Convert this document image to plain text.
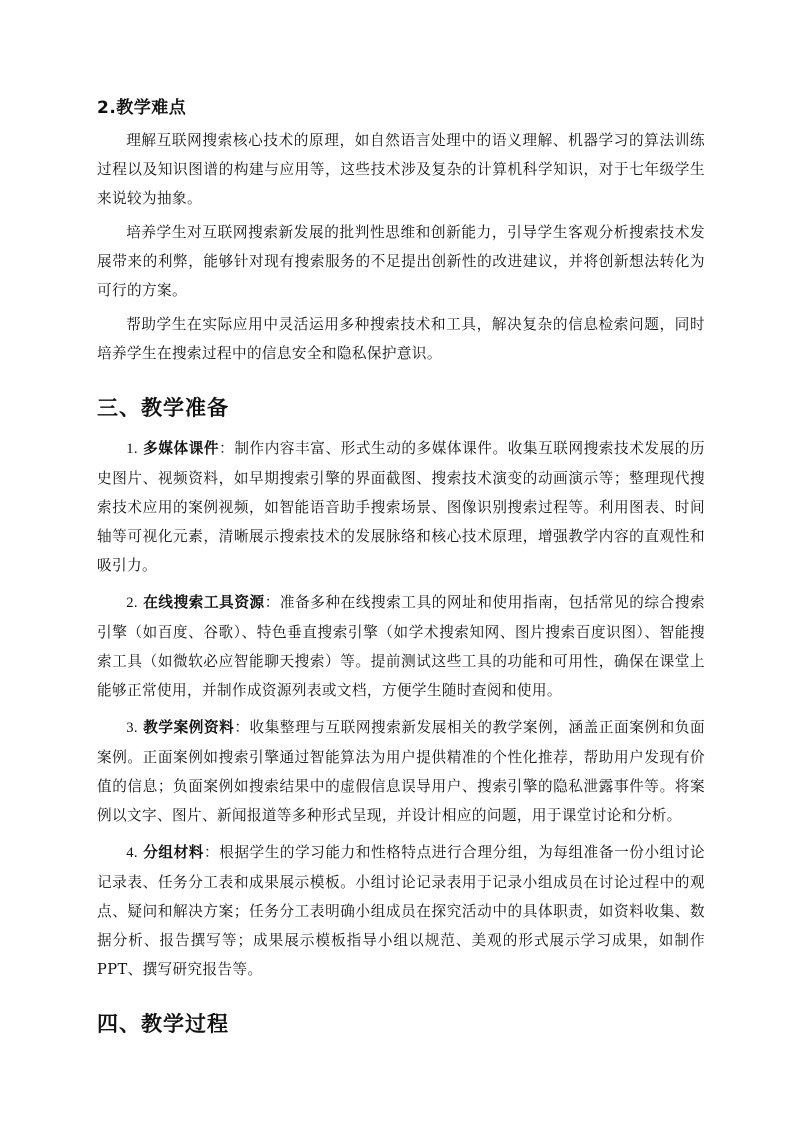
2.教学难点

理解互联网搜索核心技术的原理，如自然语言处理中的语义理解、机器学习的算法训练过程以及知识图谱的构建与应用等，这些技术涉及复杂的计算机科学知识，对于七年级学生来说较为抽象。

培养学生对互联网搜索新发展的批判性思维和创新能力，引导学生客观分析搜索技术发展带来的利弊，能够针对现有搜索服务的不足提出创新性的改进建议，并将创新想法转化为可行的方案。

帮助学生在实际应用中灵活运用多种搜索技术和工具，解决复杂的信息检索问题，同时培养学生在搜索过程中的信息安全和隐私保护意识。

三、教学准备

1. 多媒体课件：制作内容丰富、形式生动的多媒体课件。收集互联网搜索技术发展的历史图片、视频资料，如早期搜索引擎的界面截图、搜索技术演变的动画演示等；整理现代搜索技术应用的案例视频，如智能语音助手搜索场景、图像识别搜索过程等。利用图表、时间轴等可视化元素，清晰展示搜索技术的发展脉络和核心技术原理，增强教学内容的直观性和吸引力。

2. 在线搜索工具资源：准备多种在线搜索工具的网址和使用指南，包括常见的综合搜索引擎（如百度、谷歌）、特色垂直搜索引擎（如学术搜索知网、图片搜索百度识图）、智能搜索工具（如微软必应智能聊天搜索）等。提前测试这些工具的功能和可用性，确保在课堂上能够正常使用，并制作成资源列表或文档，方便学生随时查阅和使用。

3. 教学案例资料：收集整理与互联网搜索新发展相关的教学案例，涵盖正面案例和负面案例。正面案例如搜索引擎通过智能算法为用户提供精准的个性化推荐，帮助用户发现有价值的信息；负面案例如搜索结果中的虚假信息误导用户、搜索引擎的隐私泄露事件等。将案例以文字、图片、新闻报道等多种形式呈现，并设计相应的问题，用于课堂讨论和分析。

4. 分组材料：根据学生的学习能力和性格特点进行合理分组，为每组准备一份小组讨论记录表、任务分工表和成果展示模板。小组讨论记录表用于记录小组成员在讨论过程中的观点、疑问和解决方案；任务分工表明确小组成员在探究活动中的具体职责，如资料收集、数据分析、报告撰写等；成果展示模板指导小组以规范、美观的形式展示学习成果，如制作 PPT、撰写研究报告等。

四、教学过程
